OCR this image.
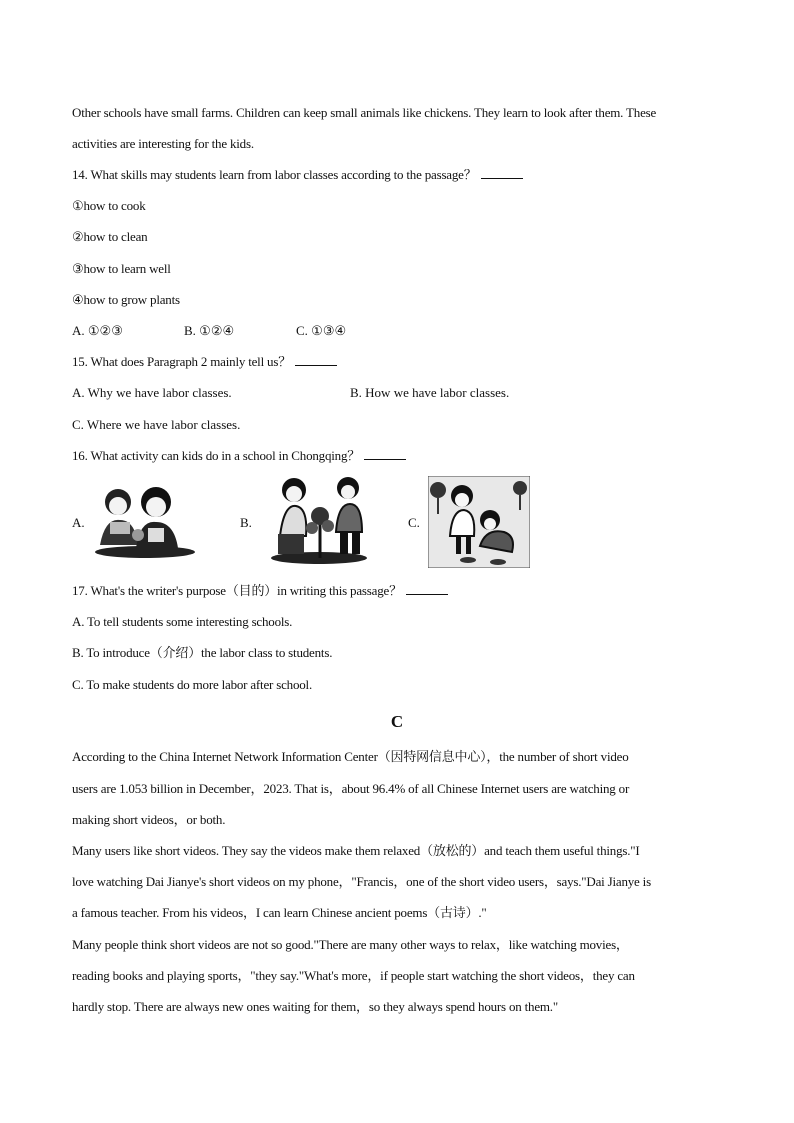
Other schools have small farms. Children can keep small animals like chickens. They learn to look after them. These
activities are interesting for the kids.
14. What skills may students learn from labor classes according to the passage？
①how to cook
②how to clean
③how to learn well
④how to grow plants
A. ①②③	B. ①②④	C. ①③④
15. What does Paragraph 2 mainly tell us？
A. Why we have labor classes.	B. How we have labor classes.
C. Where we have labor classes.
16. What activity can kids do in a school in Chongqing？
A.	B.	C.
17. What's the writer's purpose（目的）in writing this passage？
A. To tell students some interesting schools.
B. To introduce（介绍）the labor class to students.
C. To make students do more labor after school.
C
According to the China Internet Network Information Center（因特网信息中心），the number of short video
users are 1.053 billion in December，2023. That is，about 96.4% of all Chinese Internet users are watching or
making short videos，or both.
Many users like short videos. They say the videos make them relaxed（放松的）and teach them useful things."I
love watching Dai Jianye's short videos on my phone，"Francis，one of the short video users，says."Dai Jianye is
a famous teacher. From his videos，I can learn Chinese ancient poems（古诗）."
Many people think short videos are not so good."There are many other ways to relax，like watching movies，
reading books and playing sports，"they say."What's more，if people start watching the short videos，they can
hardly stop. There are always new ones waiting for them，so they always spend hours on them."
